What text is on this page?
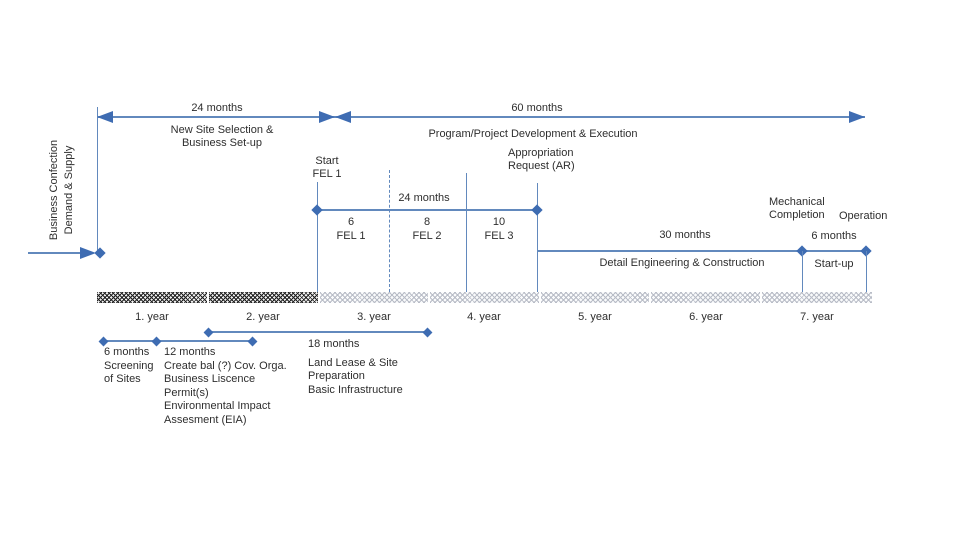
Business Confection Demand & Supply
24 months
New Site Selection &
Business Set-up
60 months
Program/Project Development & Execution
Start
FEL 1
24 months
6
FEL 1
8
FEL 2
10
FEL 3
Appropriation
Request (AR)
30 months
Detail Engineering & Construction
Mechanical
Completion Operation
6 months
Start-up
1. year	2. year	3. year	4. year	5. year	6. year	7. year
6 months
Screening
of Sites
12 months
Create bal (?) Cov. Orga.
Business Liscence
Permit(s)
Environmental Impact
Assesment (EIA)
18 months
Land Lease & Site
Preparation
Basic Infrastructure
